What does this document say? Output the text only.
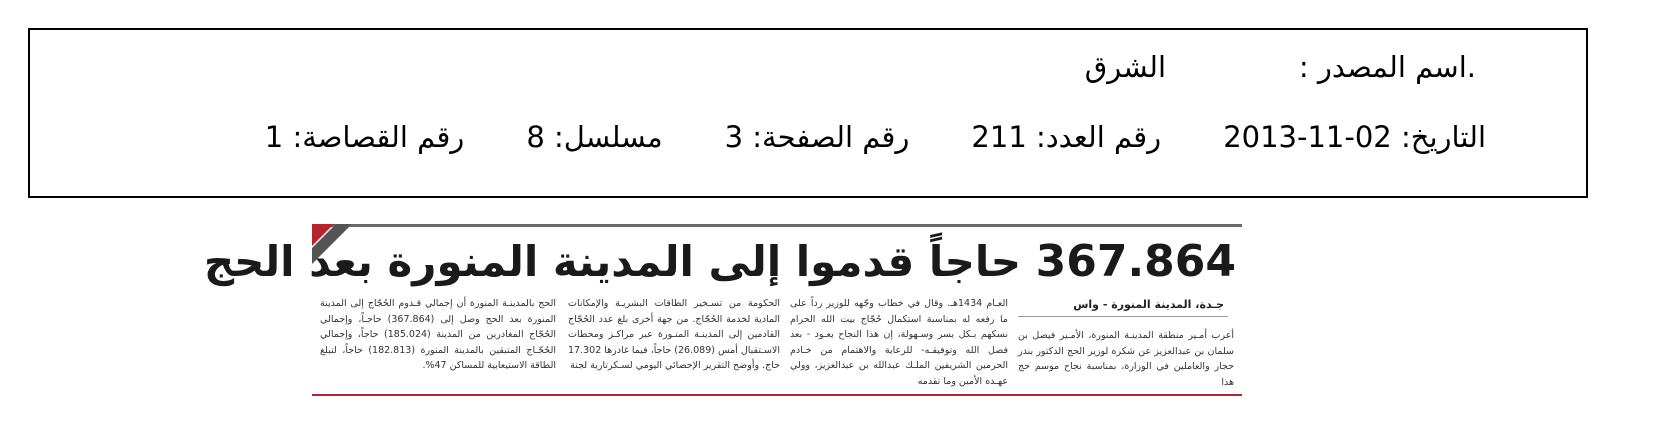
.اسم المصدر :
الشرق
التاريخ: 2013-11-02
رقم العدد: 211
رقم الصفحة: 3
مسلسل: 8
رقم القصاصة: 1
367.864 حاجاً قدموا إلى المدينة المنورة بعد الحج
جـدة، المدينة المنورة - واس
أعرب أمـير منطقة المدينـة المنورة، الأمـير فيصل بن سلمان بن عبدالعزيز عن شكره لوزير الحج الدكتور بندر حجار والعاملين في الوزارة، بمناسبة نجاح موسم حج هذا
العـام 1434هـ. وقال في خطاب وجّهه للوزير رداً على ما رفعه له بمناسبة استكمال حُجّاج بيت الله الحرام نسكهم بـكل يسر وسـهولة، إن هذا النجاح يعـود - بعد فضل الله وتوفيقـه- للرعاية والاهتمام من خـادم الحرمين الشريفين الملـك عبدالله بن عبدالعزيز، وولي عهـده الأمين وما تقدمه
الحكومة من تسـخير الطاقات البشريـة والإمكانات المادية لخدمة الحُجّاج. من جهة أخرى بلغ عدد الحُجّاج القادمين إلى المدينـة المنـورة عبر مراكـز ومحطات الاسـتقبال أمس (26.089) حاجاً، فيما غادرها 17.302 حاج. وأوضح التقرير الإحصائي اليومي لسـكرتارية لجنة
الحج بالمدينـة المنورة أن إجمالي قـدوم الحُجّاج إلى المدينة المنورة بعد الحج وصل إلى (367.864) حاجـاً، وإجمالي الحُجّاج المغادرين من المدينة (185.024) حاجاً، وإجمالي الحُجّـاج المتبقين بالمدينة المنورة (182.813) حاجاً، لتبلغ الطاقة الاستيعابية للمساكن 47%.
